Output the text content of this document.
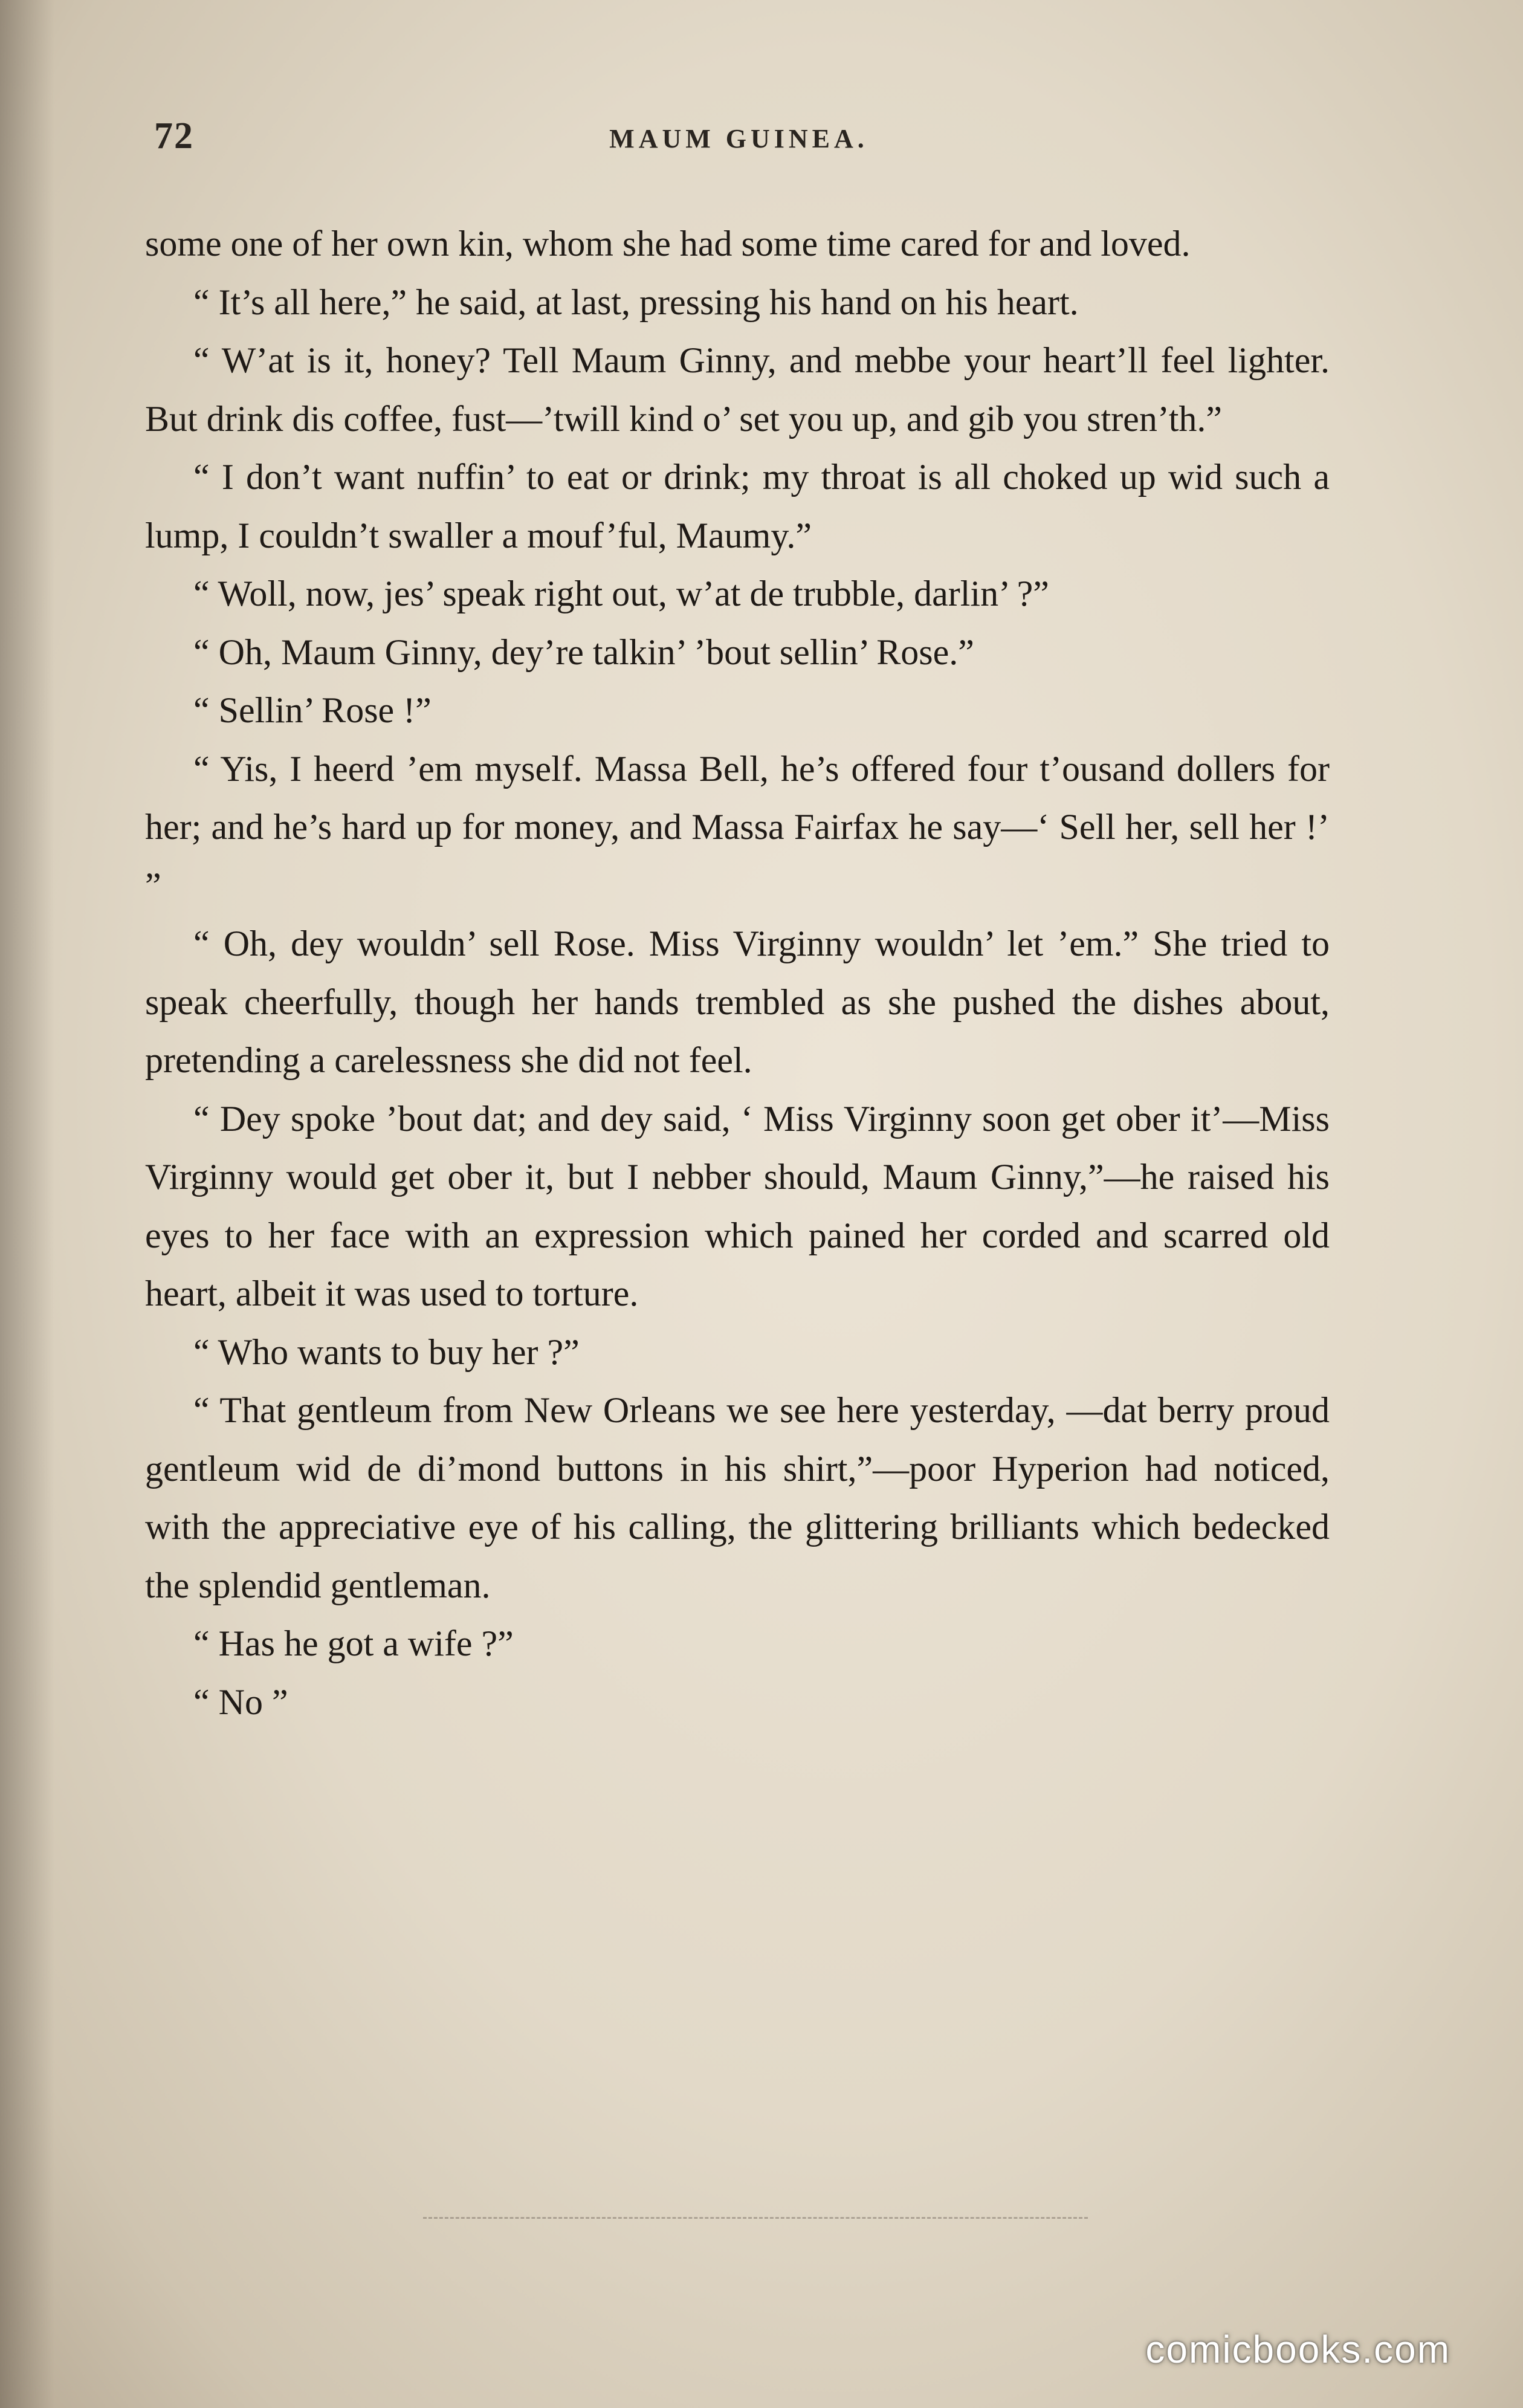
72	MAUM GUINEA.

some one of her own kin, whom she had some time cared for and loved.

“ It’s all here,” he said, at last, pressing his hand on his heart.

“ W’at is it, honey? Tell Maum Ginny, and mebbe your heart’ll feel lighter. But drink dis coffee, fust—’twill kind o’ set you up, and gib you stren’th.”

“ I don’t want nuffin’ to eat or drink; my throat is all choked up wid such a lump, I couldn’t swaller a mouf’ful, Maumy.”

“ Woll, now, jes’ speak right out, w’at de trubble, darlin’ ?”

“ Oh, Maum Ginny, dey’re talkin’ ’bout sellin’ Rose.”

“ Sellin’ Rose !”

“ Yis, I heerd ’em myself. Massa Bell, he’s offered four t’ousand dollers for her; and he’s hard up for money, and Massa Fairfax he say—‘ Sell her, sell her !’ ”

“ Oh, dey wouldn’ sell Rose. Miss Virginny wouldn’ let ’em.” She tried to speak cheerfully, though her hands trembled as she pushed the dishes about, pretending a carelessness she did not feel.

“ Dey spoke ’bout dat; and dey said, ‘ Miss Virginny soon get ober it’—Miss Virginny would get ober it, but I nebber should, Maum Ginny,”—he raised his eyes to her face with an expression which pained her corded and scarred old heart, albeit it was used to torture.

“ Who wants to buy her ?”

“ That gentleum from New Orleans we see here yesterday, —dat berry proud gentleum wid de di’mond buttons in his shirt,”—poor Hyperion had noticed, with the appreciative eye of his calling, the glittering brilliants which bedecked the splendid gentleman.

“ Has he got a wife ?”

“ No ”

comicbooks.com
